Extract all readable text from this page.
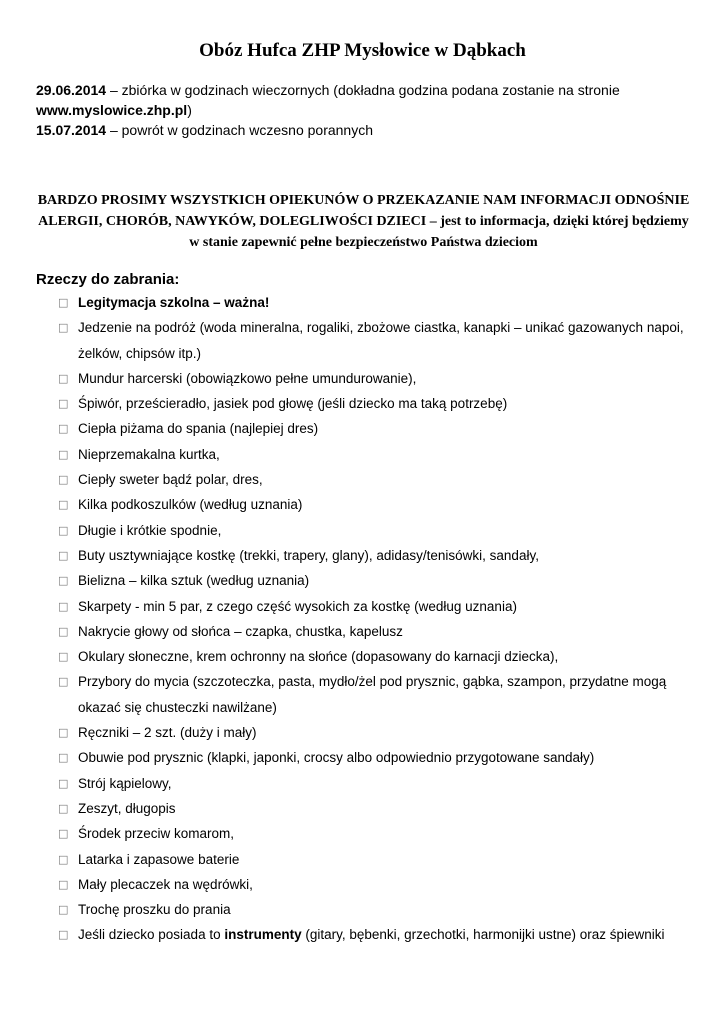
Obóz Hufca ZHP Mysłowice w Dąbkach

29.06.2014 – zbiórka w godzinach wieczornych (dokładna godzina podana zostanie na stronie www.myslowice.zhp.pl)

15.07.2014 – powrót w godzinach wczesno porannych

BARDZO PROSIMY WSZYSTKICH OPIEKUNÓW O PRZEKAZANIE NAM INFORMACJI ODNOŚNIE ALERGII, CHORÓB, NAWYKÓW, DOLEGLIWOŚCI DZIECI – jest to informacja, dzięki której będziemy w stanie zapewnić pełne bezpieczeństwo Państwa dzieciom
Rzeczy do zabrania:
□ Legitymacja szkolna – ważna!
□ Jedzenie na podróż (woda mineralna, rogaliki, zbożowe ciastka, kanapki – unikać gazowanych napoi, żelków, chipsów itp.)
□ Mundur harcerski (obowiązkowo pełne umundurowanie),
□ Śpiwór, prześcieradło, jasiek pod głowę (jeśli dziecko ma taką potrzebę)
□ Ciepła piżama do spania (najlepiej dres)
□ Nieprzemakalna kurtka,
□ Ciepły sweter bądź polar, dres,
□ Kilka podkoszulków (według uznania)
□ Długie i krótkie spodnie,
□ Buty usztywniające kostkę (trekki, trapery, glany), adidasy/tenisówki, sandały,
□ Bielizna – kilka sztuk (według uznania)
□ Skarpety - min 5 par, z czego część wysokich za kostkę (według uznania)
□ Nakrycie głowy od słońca – czapka, chustka, kapelusz
□ Okulary słoneczne, krem ochronny na słońce (dopasowany do karnacji dziecka),
□ Przybory do mycia (szczoteczka, pasta, mydło/żel pod prysznic, gąbka, szampon, przydatne mogą okazać się chusteczki nawilżane)
□ Ręczniki – 2 szt. (duży i mały)
□ Obuwie pod prysznic (klapki, japonki, crocsy albo odpowiednio przygotowane sandały)
□ Strój kąpielowy,
□ Zeszyt, długopis
□ Środek przeciw komarom,
□ Latarka i zapasowe baterie
□ Mały plecaczek na wędrówki,
□ Trochę proszku do prania
□ Jeśli dziecko posiada to instrumenty (gitary, bębenki, grzechotki, harmonijki ustne) oraz śpiewniki
